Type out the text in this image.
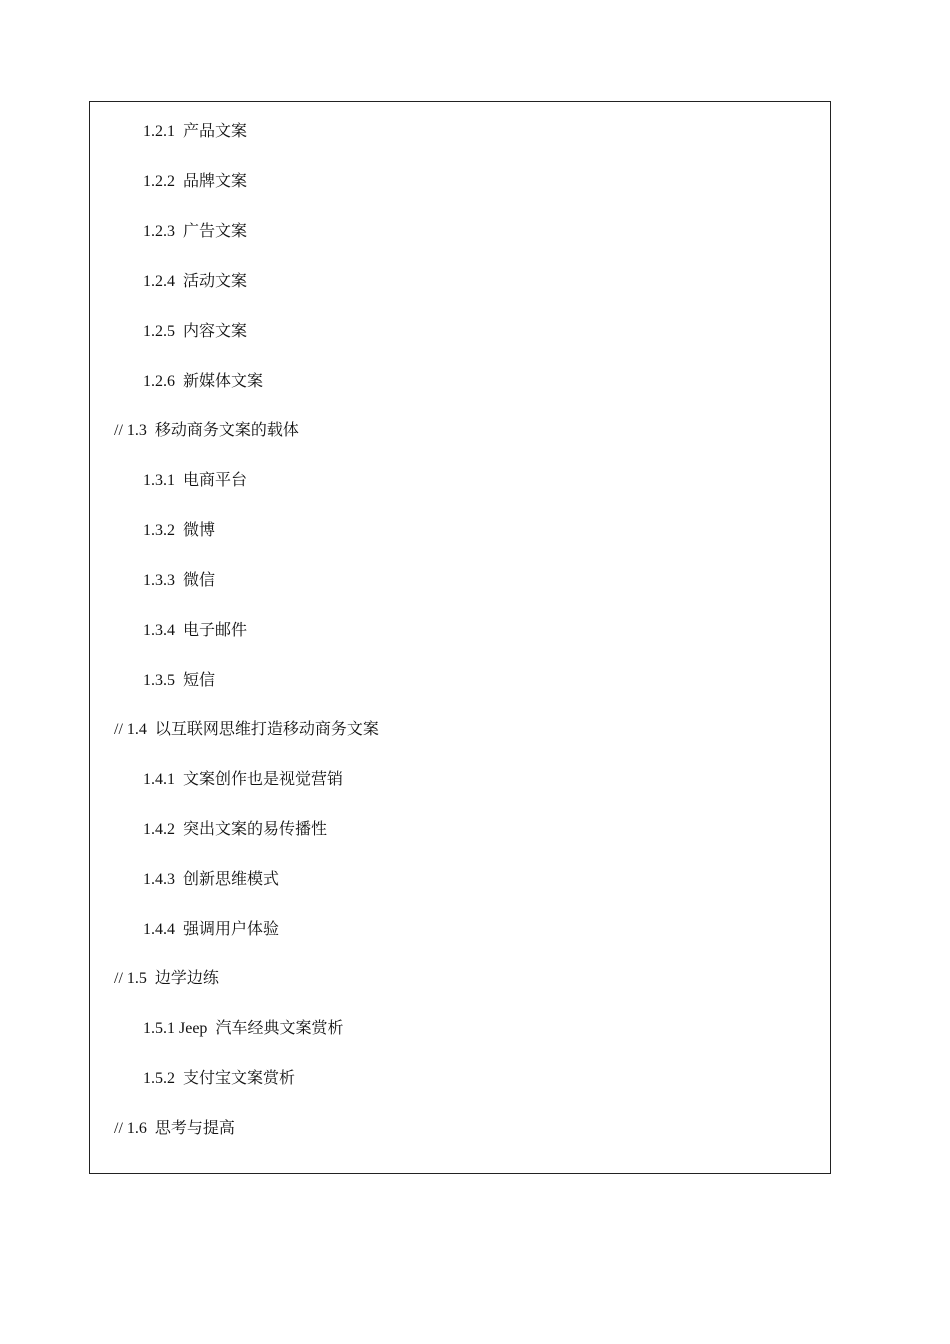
1.2.1 产品文案
1.2.2 品牌文案
1.2.3 广告文案
1.2.4 活动文案
1.2.5 内容文案
1.2.6 新媒体文案
// 1.3 移动商务文案的载体
1.3.1 电商平台
1.3.2 微博
1.3.3 微信
1.3.4 电子邮件
1.3.5 短信
// 1.4 以互联网思维打造移动商务文案
1.4.1 文案创作也是视觉营销
1.4.2 突出文案的易传播性
1.4.3 创新思维模式
1.4.4 强调用户体验
// 1.5 边学边练
1.5.1 Jeep 汽车经典文案赏析
1.5.2 支付宝文案赏析
// 1.6 思考与提高
